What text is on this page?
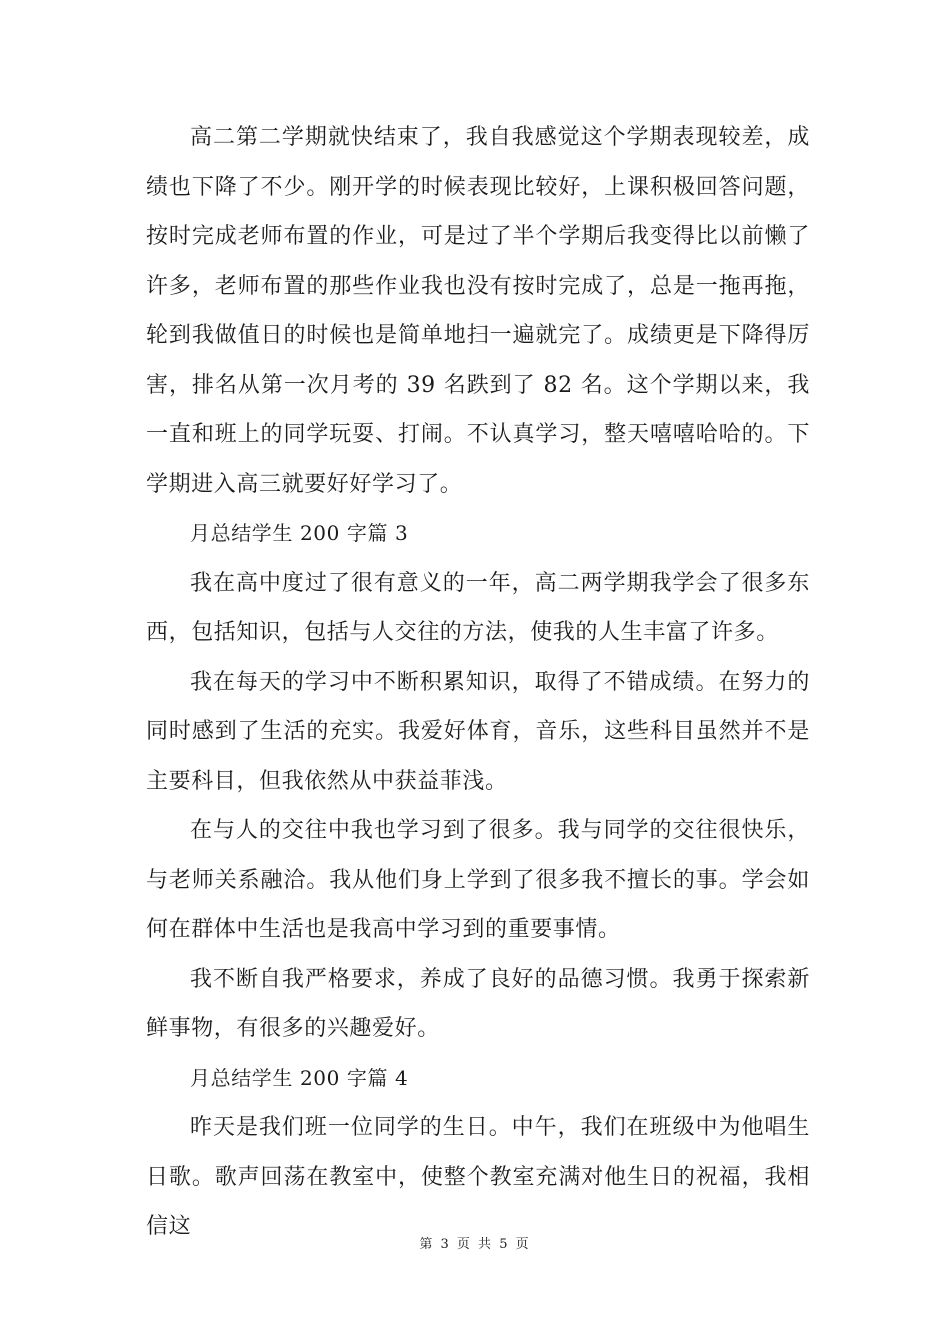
高二第二学期就快结束了，我自我感觉这个学期表现较差，成绩也下降了不少。刚开学的时候表现比较好，上课积极回答问题，按时完成老师布置的作业，可是过了半个学期后我变得比以前懒了许多，老师布置的那些作业我也没有按时完成了，总是一拖再拖，轮到我做值日的时候也是简单地扫一遍就完了。成绩更是下降得厉害，排名从第一次月考的 39 名跌到了 82 名。这个学期以来，我一直和班上的同学玩耍、打闹。不认真学习，整天嘻嘻哈哈的。下学期进入高三就要好好学习了。

月总结学生 200 字篇 3

我在高中度过了很有意义的一年，高二两学期我学会了很多东西，包括知识，包括与人交往的方法，使我的人生丰富了许多。

我在每天的学习中不断积累知识，取得了不错成绩。在努力的同时感到了生活的充实。我爱好体育，音乐，这些科目虽然并不是主要科目，但我依然从中获益菲浅。

在与人的交往中我也学习到了很多。我与同学的交往很快乐，与老师关系融洽。我从他们身上学到了很多我不擅长的事。学会如何在群体中生活也是我高中学习到的重要事情。

我不断自我严格要求，养成了良好的品德习惯。我勇于探索新鲜事物，有很多的兴趣爱好。

月总结学生 200 字篇 4

昨天是我们班一位同学的生日。中午，我们在班级中为他唱生日歌。歌声回荡在教室中，使整个教室充满对他生日的祝福，我相信这

第 3 页 共 5 页
